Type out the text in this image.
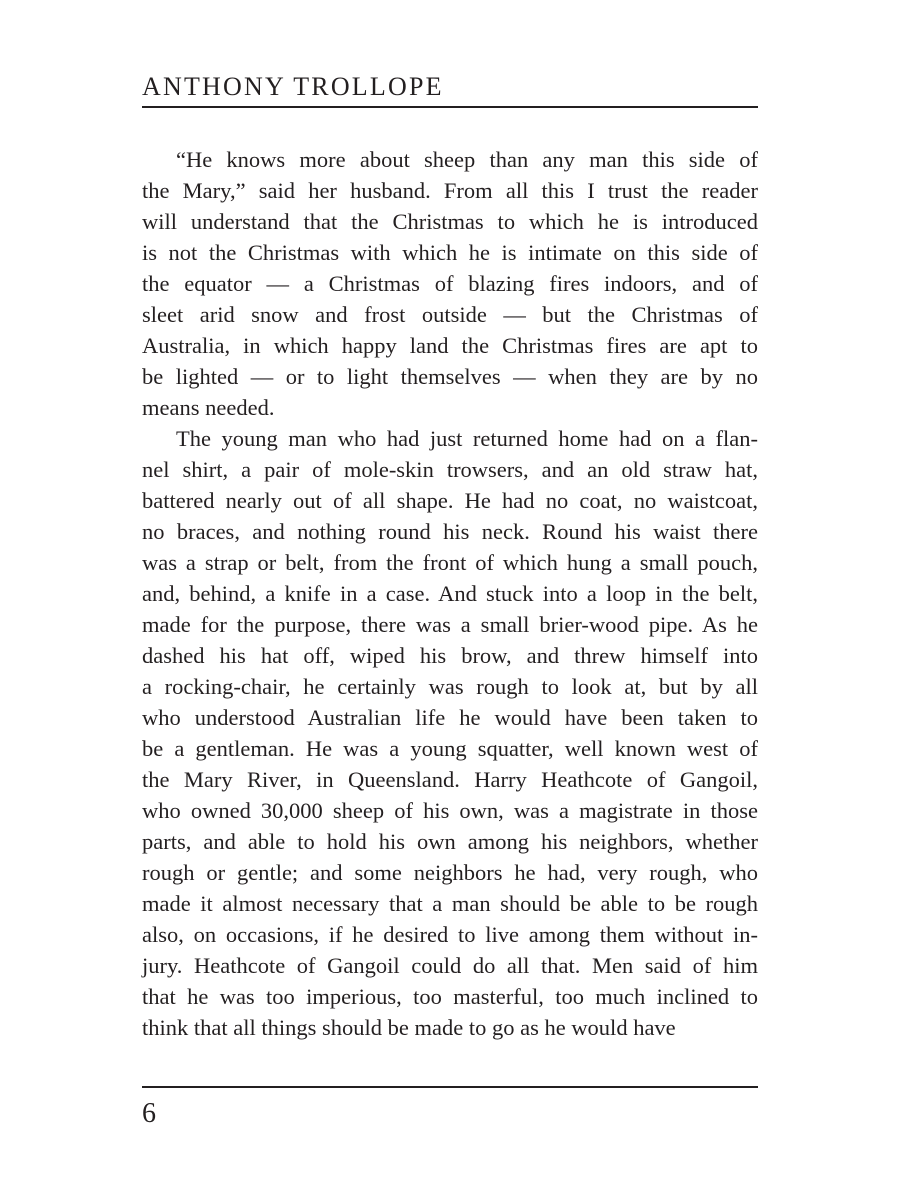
ANTHONY TROLLOPE
“He knows more about sheep than any man this side of
the Mary,” said her husband. From all this I trust the reader
will understand that the Christmas to which he is introduced
is not the Christmas with which he is intimate on this side of
the equator — a Christmas of blazing fires indoors, and of
sleet arid snow and frost outside — but the Christmas of
Australia, in which happy land the Christmas fires are apt to
be lighted — or to light themselves — when they are by no
means needed.
The young man who had just returned home had on a flan-
nel shirt, a pair of mole-skin trowsers, and an old straw hat,
battered nearly out of all shape. He had no coat, no waistcoat,
no braces, and nothing round his neck. Round his waist there
was a strap or belt, from the front of which hung a small pouch,
and, behind, a knife in a case. And stuck into a loop in the belt,
made for the purpose, there was a small brier-wood pipe. As he
dashed his hat off, wiped his brow, and threw himself into
a rocking-chair, he certainly was rough to look at, but by all
who understood Australian life he would have been taken to
be a gentleman. He was a young squatter, well known west of
the Mary River, in Queensland. Harry Heathcote of Gangoil,
who owned 30,000 sheep of his own, was a magistrate in those
parts, and able to hold his own among his neighbors, whether
rough or gentle; and some neighbors he had, very rough, who
made it almost necessary that a man should be able to be rough
also, on occasions, if he desired to live among them without in-
jury. Heathcote of Gangoil could do all that. Men said of him
that he was too imperious, too masterful, too much inclined to
think that all things should be made to go as he would have
6
